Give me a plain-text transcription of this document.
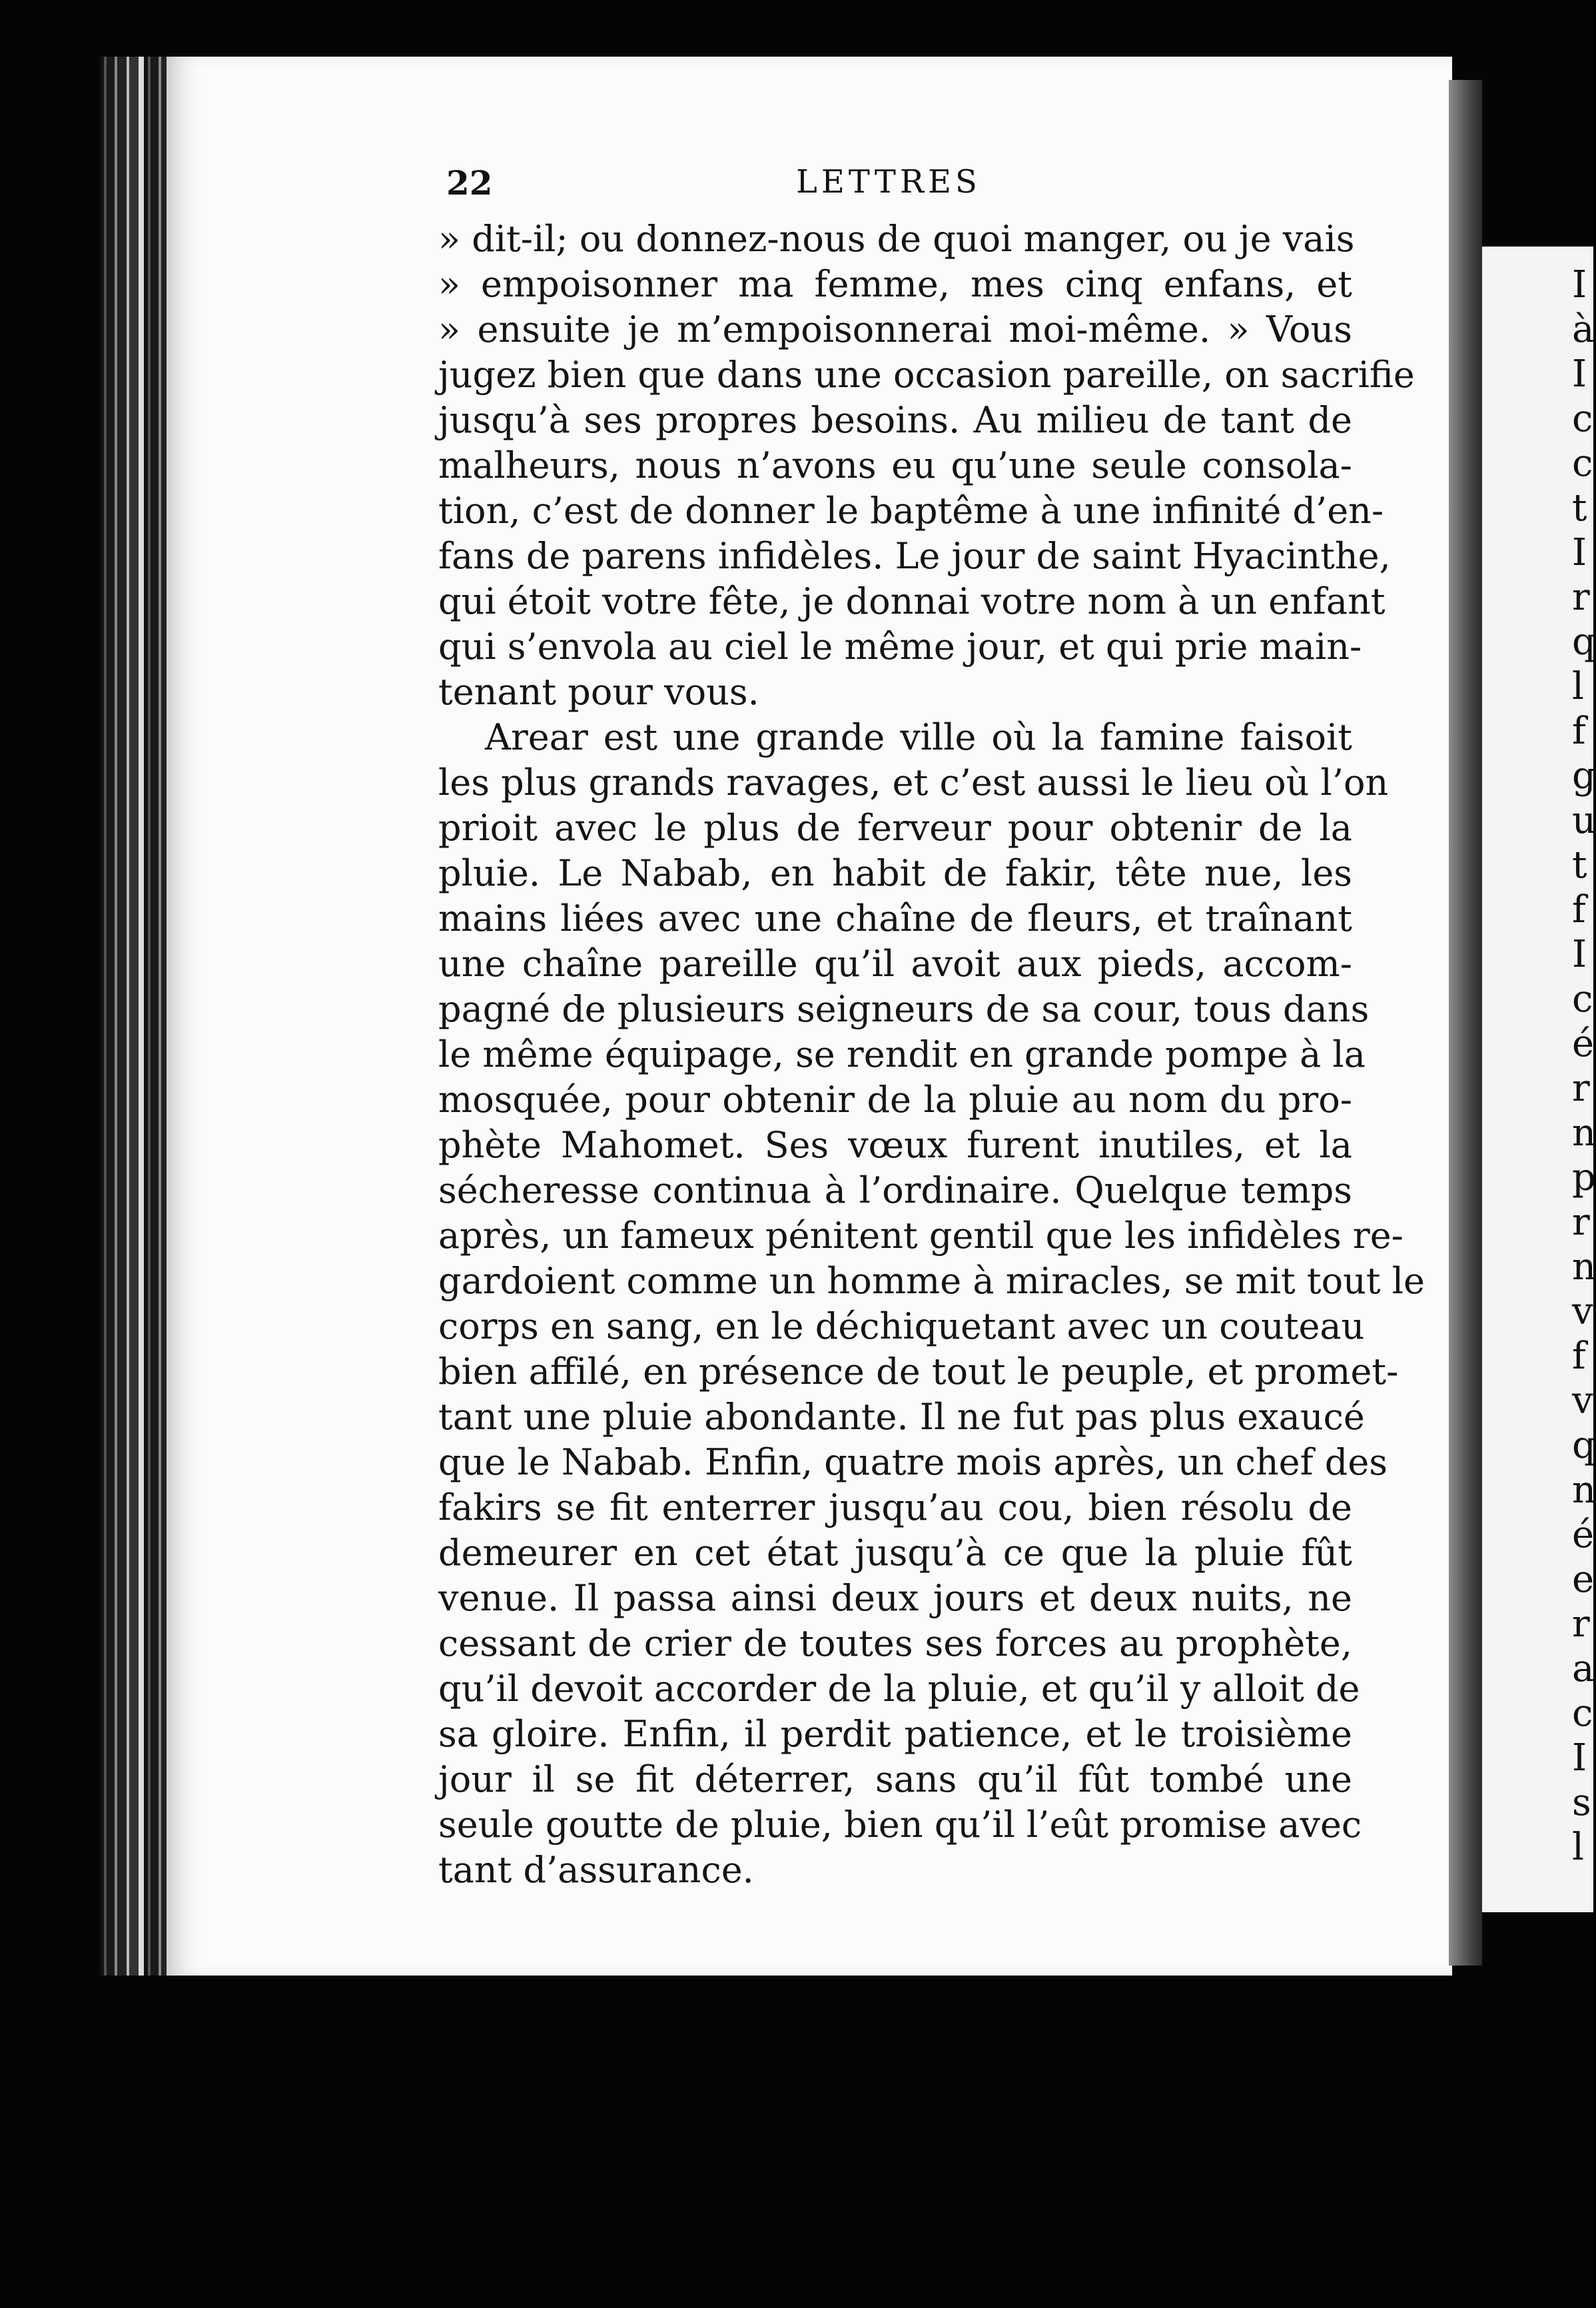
I
à
I
c
c
t
I
r
q
l
f
g
u
t
f
I
c
é
r
n
p
r
n
v
f
v
q
n
é
e
r
a
c
I
s
l
22	LETTRES
» dit-il; ou donnez-nous de quoi manger, ou je vais
» empoisonner ma femme, mes cinq enfans, et
» ensuite je m’empoisonnerai moi-même. » Vous
jugez bien que dans une occasion pareille, on sacrifie
jusqu’à ses propres besoins. Au milieu de tant de
malheurs, nous n’avons eu qu’une seule consola-
tion, c’est de donner le baptême à une infinité d’en-
fans de parens infidèles. Le jour de saint Hyacinthe,
qui étoit votre fête, je donnai votre nom à un enfant
qui s’envola au ciel le même jour, et qui prie main-
tenant pour vous.
Arear est une grande ville où la famine faisoit
les plus grands ravages, et c’est aussi le lieu où l’on
prioit avec le plus de ferveur pour obtenir de la
pluie. Le Nabab, en habit de fakir, tête nue, les
mains liées avec une chaîne de fleurs, et traînant
une chaîne pareille qu’il avoit aux pieds, accom-
pagné de plusieurs seigneurs de sa cour, tous dans
le même équipage, se rendit en grande pompe à la
mosquée, pour obtenir de la pluie au nom du pro-
phète Mahomet. Ses vœux furent inutiles, et la
sécheresse continua à l’ordinaire. Quelque temps
après, un fameux pénitent gentil que les infidèles re-
gardoient comme un homme à miracles, se mit tout le
corps en sang, en le déchiquetant avec un couteau
bien affilé, en présence de tout le peuple, et promet-
tant une pluie abondante. Il ne fut pas plus exaucé
que le Nabab. Enfin, quatre mois après, un chef des
fakirs se fit enterrer jusqu’au cou, bien résolu de
demeurer en cet état jusqu’à ce que la pluie fût
venue. Il passa ainsi deux jours et deux nuits, ne
cessant de crier de toutes ses forces au prophète,
qu’il devoit accorder de la pluie, et qu’il y alloit de
sa gloire. Enfin, il perdit patience, et le troisième
jour il se fit déterrer, sans qu’il fût tombé une
seule goutte de pluie, bien qu’il l’eût promise avec
tant d’assurance.
